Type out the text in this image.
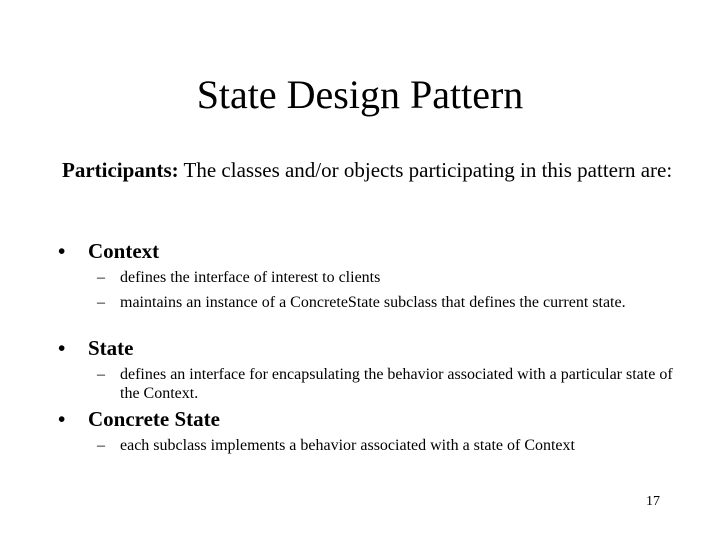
State Design Pattern
Participants: The classes and/or objects participating in this pattern are:
• Context
– defines the interface of interest to clients
– maintains an instance of a ConcreteState subclass that defines the current state.
• State
– defines an interface for encapsulating the behavior associated with a particular state of the Context.
• Concrete State
– each subclass implements a behavior associated with a state of Context
17
